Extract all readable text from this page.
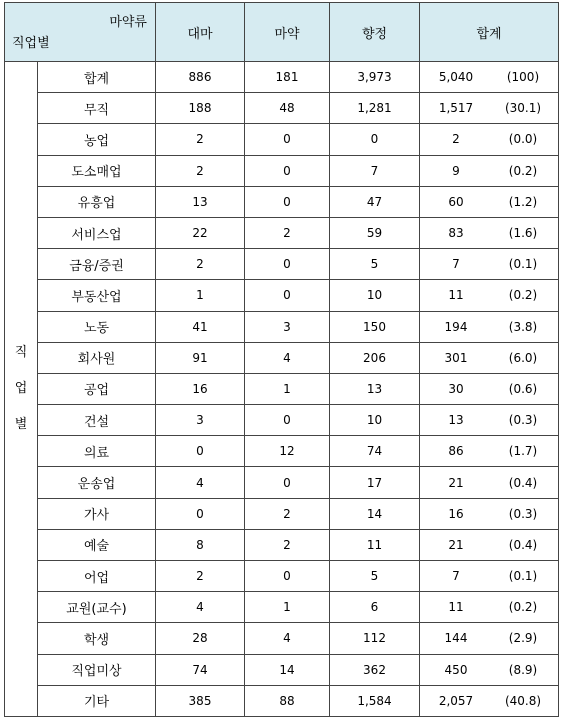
마약류
직업별		대마	마약	향정	합계

직
업
별	합계	886	181	3,973	5,040 (100)

	무직	188	48	1,281	1,517 (30.1)

	농업	2	0	0	2 (0.0)

	도소매업	2	0	7	9 (0.2)

	유흥업	13	0	47	60 (1.2)

	서비스업	22	2	59	83 (1.6)

	금융/증권	2	0	5	7 (0.1)

	부동산업	1	0	10	11 (0.2)

	노동	41	3	150	194 (3.8)

	회사원	91	4	206	301 (6.0)

	공업	16	1	13	30 (0.6)

	건설	3	0	10	13 (0.3)

	의료	0	12	74	86 (1.7)

	운송업	4	0	17	21 (0.4)

	가사	0	2	14	16 (0.3)

	예술	8	2	11	21 (0.4)

	어업	2	0	5	7 (0.1)

	교원(교수)	4	1	6	11 (0.2)

	학생	28	4	112	144 (2.9)

	직업미상	74	14	362	450 (8.9)

	기타	385	88	1,584	2,057 (40.8)
